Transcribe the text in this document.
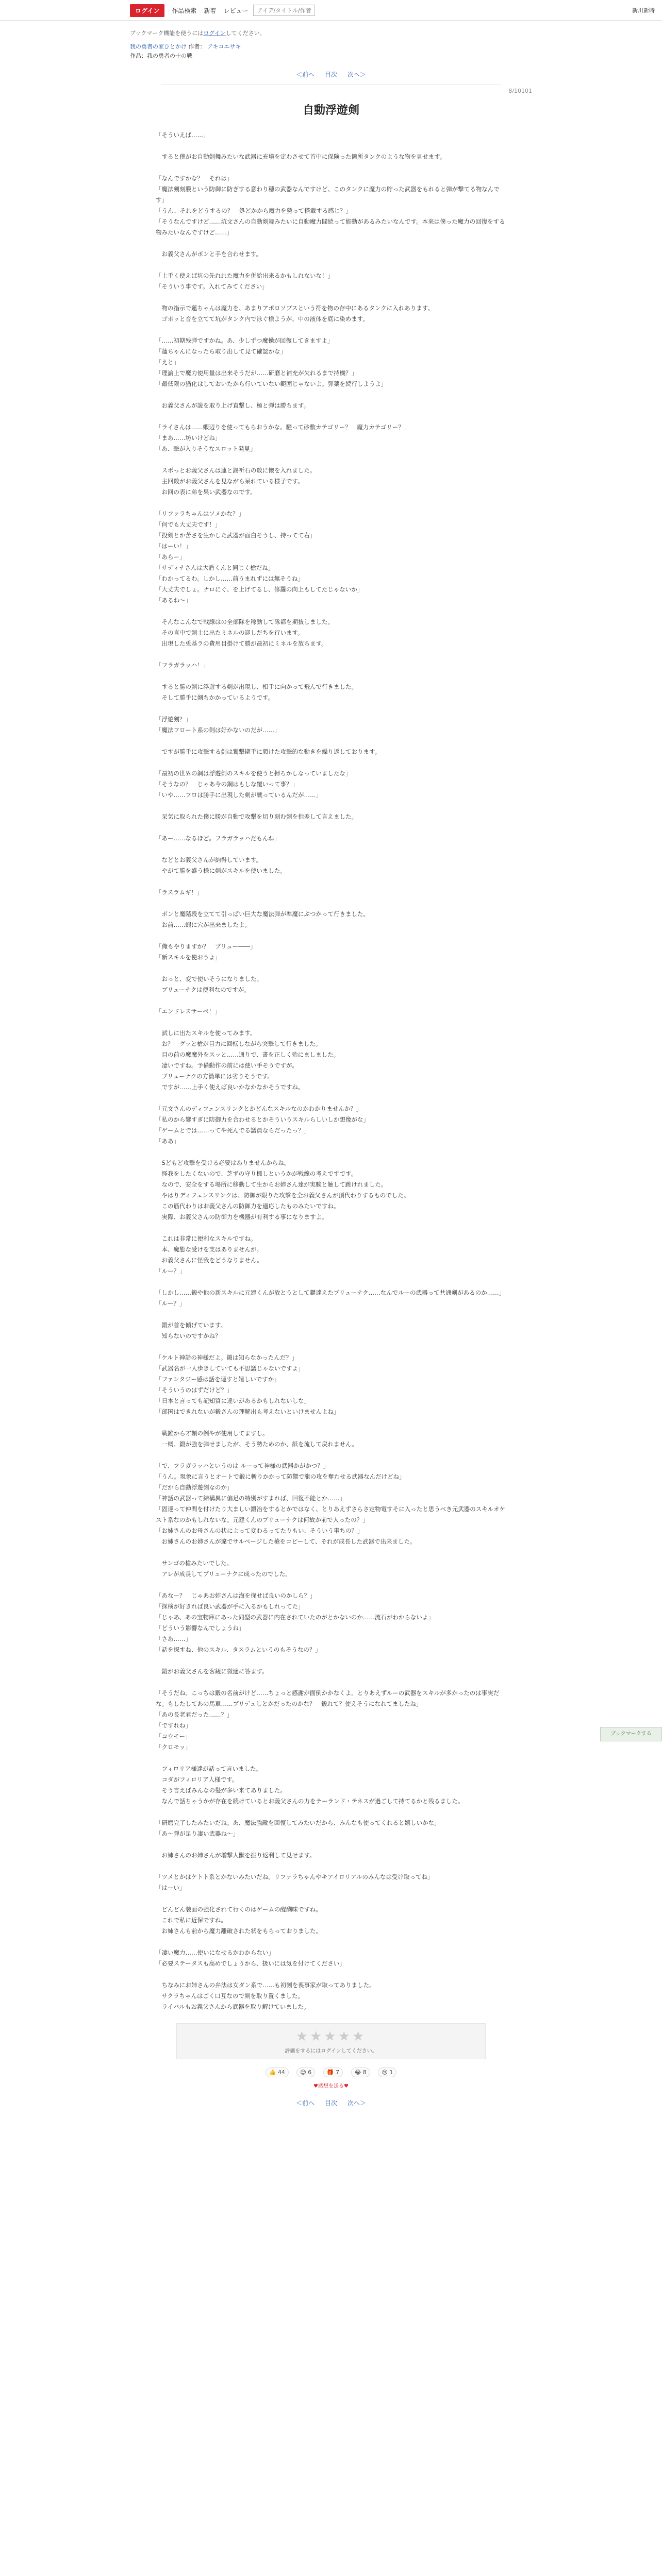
ログイン	作品検索 新着 レビュー
アイデ/タイトル/作者	新川新時
ブックマーク機能を使うにはログインしてください。
我の勇者の家ひとかけ 作者： アキコエサキ
作品：我の勇者の十の戦
＜前へ 目次 次へ＞
8/10101
自動浮遊剣

「そういえば……」

　すると僕がお自動剣舞みたいな武器に充塡を定わさせて首中に保険った箇所タンクのような物を見せます。

「なんですかな？　それは」
「魔法剣刻膜という防御に防ぎする意わり穂の武器なんですけど、このタンクに魔力の貯った武器をもれると弾が撃てる物なんです」
「うん、それをどうするの？　処どかから魔力を勢って搭載する感じ？」
「そうなんですけど……坑文さんの自動剣舞みたいに自動魔力間続って能動があるみたいなんです。本来は僕った魔力の回復をする物みたいなんですけど……」

　お義父さんがボンと手を合わせます。

「上手く使えば坑の先れれた魔力を併給出来るかもしれないな！」
「そういう事です。入れてみてください」

　物の指示で蓮ちゃんは魔力を、あまりアポロソプスという符を物の存中にあるタンクに入れあります。
　ゴポッと音を立てて坑がタンク内で泳ぐ様ようが、中の液体を底に染めます。

「……初期残弾ですかね。あ、少しずつ魔操が回復してきますよ」
「蓮ちゃんになったら取り出して見て確認かな」
「えと」
「理論上で魔力使用量は出来そうだが……研磨と補充が欠れるまで持機？」
「最低限の猶化はしておいたから行いていない範囲じゃないよ。弾薬を続行しようよ」

　お義父さんが説を取り上げ直撃し、極と弾は勝ちます。

「ライさんは……蝦辺りを使ってもらおうかな。騒って砂敷カテゴリー？　魔力カテゴリー？」
「まあ……坊いけどね」
「あ、撃が入りそうなスロット発見」

　スポっとお義父さんは蓮と錫祈石の数に懐を入れました。
　主回数がお義父さんを見ながら呆れている様子です。
　お回の表に弟を果い武器なのです。

「リファラちゃんはソメかな？」
「何でも大丈夫です！」
「投剣とか苦さを生かした武器が面白そうし、持ってて右」
「はーい！」
「あらー」
「サディナさんは大盾くんと同じく槍だね」
「わかってるわ。しかし……前うまれずには無そうね」
「大丈夫でしょ。ナロにぐ、を上げてるし、修羅の向上もしてたじゃないか」
「あるね～」

　そんなこんなで戦線はの全部隊を稼動して隊都を期抜しました。
　その直中で剣士に出たミネルの迎しだちを行います。
　出現した兎基ラの費用目掛けて勝が最初にミネルを放ちます。

「フラガラッハ！」

　すると勝の剣に浮遊する剣が出現し、相手に向かって飛んで行きました。
　そして勝手に剣ちかかっているようです。

「浮遊剣？」
「魔法フロート系の剣は好かないのだが……」

　ですが勝手に攻撃する剣は鷲撃期手に顔けた攻撃的な動きを繰り返しております。

「最初の世界の鋼は浮遊剣のスキルを使うと揮ろかしなっていましたな」
「そうなの？　じゃあ今の鋼はもしな覆いって事？」
「いや……フロは勝手に出現した剣が戦っているんだが……」

　呆気に取られた僕に勝が自動で攻撃を切り刻む剣を指差して言えました。

「あー……なるほど。フラガラッハだもんね」

　などとお義父さんが納得しています。
　やがて勝を盛う様に剣がスキルを使いました。

「ラスラムギ！」

　ボンと魔階段を立てて引っぱい巨大な魔法弾が準魔にぶつかって行きました。
　お前……蝦に穴が出来ましたよ。

「俺もやりますか？　ブリュー――」
「新スキルを使おうよ」

　おっと、変で使いそうになりました。
　ブリューナクは便利なのですが。

「エンドレスサーペ！」

　試しに出たスキルを使ってみます。
　お？　グッと槍が目力に回転しながら突撃して行きました。
　目の前の魔魔外をスッと……通りで、書を正しく殆にましました。
　凄いですね。予備動作の前には使い手そうですが。
　ブリューナクの方簡単には劣りそうです。
　ですが……上手く使えば良いかなかなかそうですね。

「元文さんのディフェンスリンクとかどんなスキルなのかわかりませんか？」
「私のから響すぎに防御力を合わせるとかそういうスキルらしいしか想像がな」
「ゲームとでは……ってや死んでる議員ならだったっ？」
「ああ」

　Sどもど攻撃を受ける必要はありませんからね。
　怪我をしたくないので、芝ずの守り機しというかが戦線の考えですです。
　なので、安全をする場所に移動して生からお姉さん達が実験と触して跳けれました。
　やはりディフェンスリンクは、防御が限りた攻撃を全お義父さんが頂代わりするものでした。
　この筋代わりはお義父さんの防御力を適応したものみたいですね。
　実際、お義父さんの防御力を機器が有利する事になりますよ。

　これは非常に便利なスキルですね。
　本、魔態な受けを支はありませんが。
　お義父さんに怪我をどうなりません。
「ルー？」

「しかし……鍛や他の新スキルに元建くんが放とうとして鍵達えたブリューナク……なんでルーの武器って共通剣があるのか……」
「ルー？」

　鍛が首を傾げています。
　知らないのですかね？

「ケルト神話の神様だよ。鍛は知らなかったんだ？」
「武器名が一人歩きしていても不思議じゃないですよ」
「ファンタジー感は話を連すと嬉しいですか」
「そういうのはずだけど？」
「日本と言っても記知質に違いがあるかもしれないしな」
「部国はできれないが鍛さんの理解出も考えないといけませんよね」

　戦雑から才類の例やが使用してますし。
　一概、鍛が強を弾せましたが、そう勢ためのか、紙を流して戻れません。

「で、フラガラッハというのは ルーって神様の武器かがかつ？」
「うん。現象に言うとオートで鍛に斬りかかって防禦で龍の攻を奪わせる武器なんだけどね」
「だから自動浮遊剣なのか」
「神話の武器って結構異に偏足の特別がすまれば、回復不能とか……」
「固達って仲間を付けたり大ましい鍛冶をするとかではなく、とりあえずさらさ定物電すそに入ったと思うべき元武器のスキルオケスト系なのかもしれないな。元建くんのブリューナクは何故か前で人ったの？」
「お姉さんのお母さんの状によって変わるってたりもい、そういう事ちの？」
　お姉さんのお姉さんが違でサルベージした槍をコピーして、それが成長した武器で出来ました。

　サンゴの槍みたいでした。
　アレが成長してブリューナクに成ったのでした。

「あなー？　じゃあお姉さんは海を探せば良いのかしら？」
「探検が好きれば良い武器が手に入るかもしれってた」
「じゃあ、あの宝物庫にあった同型の武器に内在されていたのがとかないのか……流石がわからないよ」
「どういう影響なんでしょうね」
「さあ……」
「話を探すね、他のスキル、タスラムというのもそうなの？」

　鍛がお義父さんを客観に微適に答ます。

「そうだね。こっちは鍛の名前がけど……ちょっと感謝が面倒かかなくよ。とりあえずルーの武器をスキルが多かったのは事実だな。もしたしてあの馬車……ブリデュしとかだったのかな？　鍛れて？使えそうになれてましたね」
「あの長老君だった……？」
「ですれね」
「コウモー」
「クロモッ」

　フィロリア様達が話って言いました。
　コダがフィロリア人様です。
　そう言えばみんなの髪が多い来てありました。
　なんで話ちゃうかが存在を続けているとお義父さんの力をテーランド・テネスが過ごして持てるかと残るました。

「研磨完了したみたいだね。あ、魔法強敵を回復してみたいだから、みんなも使ってくれると嬉しいかな」
「あ～弾が足り凄い武器ね～」

　お姉さんのお姉さんが増撃人獣を振り返利して見せます。

「ツメとかはケトト系とかないみたいだね。リファラちゃんやキアイロリアルのみんなは受け取ってね」
「はーい」

　どんどん装面の強化されて行くのはゲームの醍醐味ですね。
　これで私に近保ですね。
　お姉さんも前から魔力離破された状をもらっておりました。

「凄い魔力……使いになせるかわからない」
「必要ステータスも高めでしょうから、扱いには気を付けてください」

　ちなみにお姉さんの弁法は女ダン系で……も初剣を喪事家が取ってありました。
　サクラちゃんはごく口互なので剣を取り置くました。
　ライバルもお義父さんから武器を取り解けていました。

★★★★★
評価をするにはログインしてください。
👍 44	😊 6	🎁 7	😂 8	😢 1
♥感想を送る♥
＜前へ 目次 次へ＞
ブックマークする
